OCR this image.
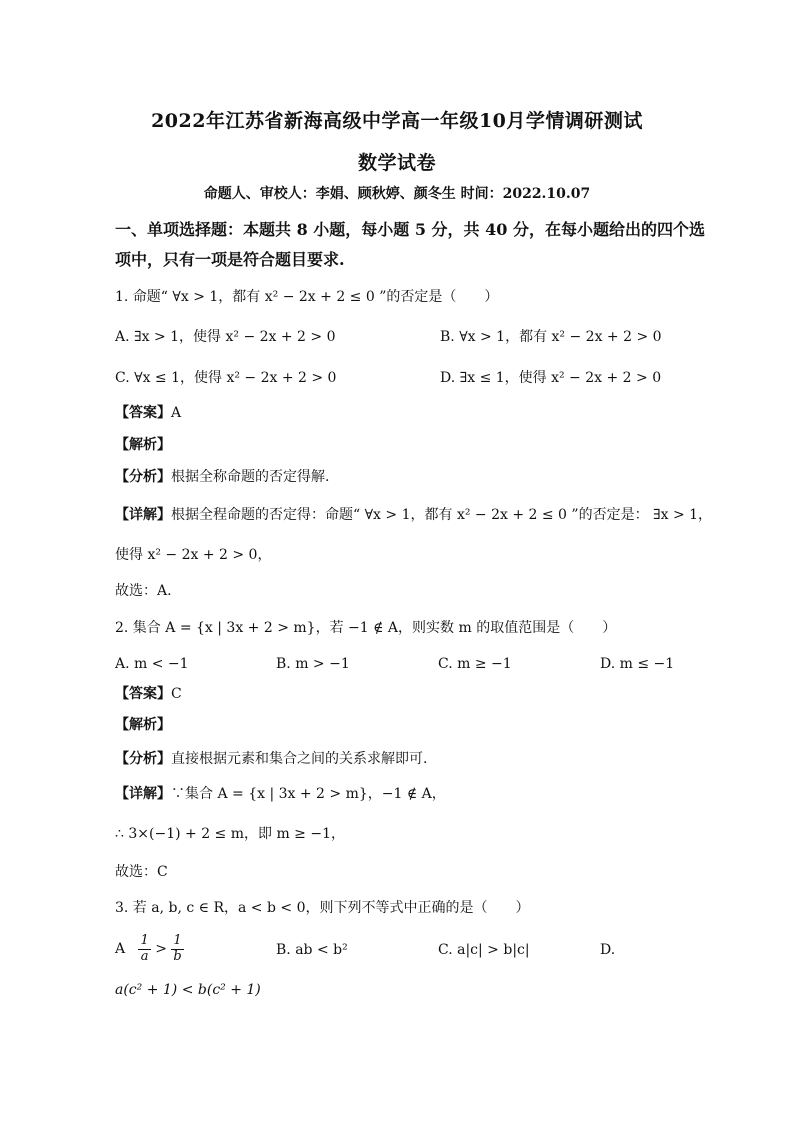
2022年江苏省新海高级中学高一年级10月学情调研测试
数学试卷
命题人、审校人：李娟、顾秋婷、颜冬生 时间：2022.10.07
一、单项选择题：本题共 8 小题，每小题 5 分，共 40 分，在每小题给出的四个选
项中，只有一项是符合题目要求.
1. 命题“ ∀x > 1，都有 x² − 2x + 2 ≤ 0 ”的否定是（　　）
A. ∃x > 1，使得 x² − 2x + 2 > 0	B. ∀x > 1，都有 x² − 2x + 2 > 0
C. ∀x ≤ 1，使得 x² − 2x + 2 > 0	D. ∃x ≤ 1，使得 x² − 2x + 2 > 0
【答案】A
【解析】
【分析】根据全称命题的否定得解.
【详解】根据全程命题的否定得：命题“ ∀x > 1，都有 x² − 2x + 2 ≤ 0 ”的否定是： ∃x > 1，
使得 x² − 2x + 2 > 0，
故选：A.
2. 集合 A = {x | 3x + 2 > m}，若 −1 ∉ A，则实数 m 的取值范围是（　　）
A. m < −1	B. m > −1	C. m ≥ −1	D. m ≤ −1
【答案】C
【解析】
【分析】直接根据元素和集合之间的关系求解即可.
【详解】∵集合 A = {x | 3x + 2 > m}，−1 ∉ A，
∴ 3×(−1) + 2 ≤ m，即 m ≥ −1，
故选：C
3. 若 a, b, c ∈ R，a < b < 0，则下列不等式中正确的是（　　）
A $\frac{1}{a} > \frac{1}{b}$	B. ab < b²	C. a|c| > b|c|	D.
a(c² + 1) < b(c² + 1)
